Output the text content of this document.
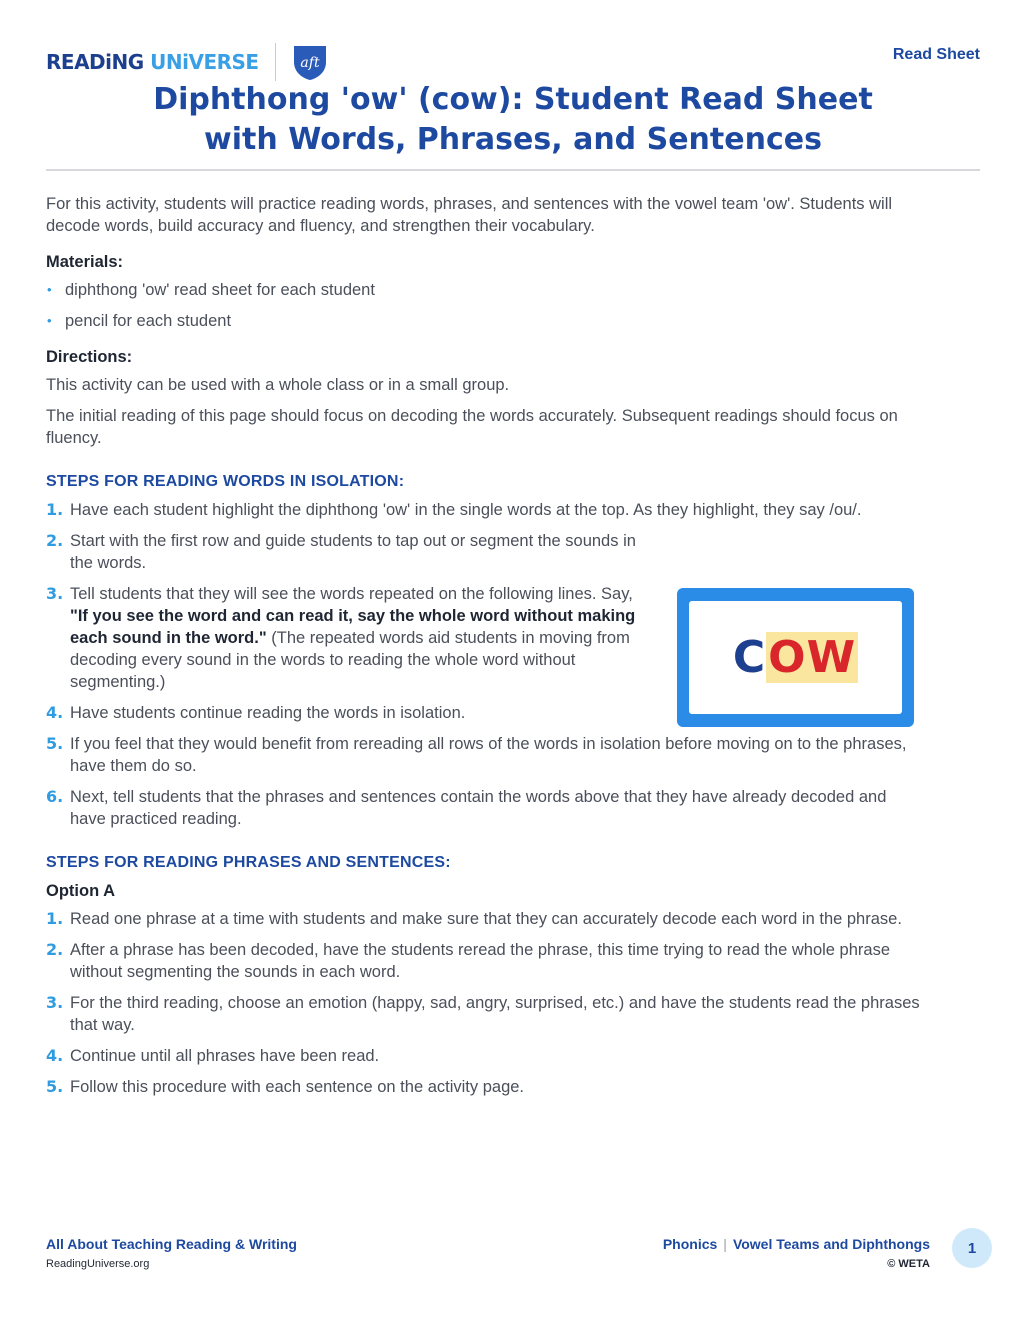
READiNG UNiVERSE	aft	Read Sheet
Diphthong 'ow' (cow): Student Read Sheet
with Words, Phrases, and Sentences

For this activity, students will practice reading words, phrases, and sentences with the vowel team 'ow'. Students will decode words, build accuracy and fluency, and strengthen their vocabulary.

Materials:

• diphthong 'ow' read sheet for each student
• pencil for each student

Directions:

This activity can be used with a whole class or in a small group.

The initial reading of this page should focus on decoding the words accurately. Subsequent readings should focus on fluency.

STEPS FOR READING WORDS IN ISOLATION:
1. Have each student highlight the diphthong 'ow' in the single words at the top. As they highlight, they say /ou/.
2. Start with the first row and guide students to tap out or segment the sounds in the words.
3. Tell students that they will see the words repeated on the following lines. Say, "If you see the word and can read it, say the whole word without making each sound in the word." (The repeated words aid students in moving from decoding every sound in the words to reading the whole word without segmenting.)
4. Have students continue reading the words in isolation.
5. If you feel that they would benefit from rereading all rows of the words in isolation before moving on to the phrases, have them do so.
6. Next, tell students that the phrases and sentences contain the words above that they have already decoded and have practiced reading.
STEPS FOR READING PHRASES AND SENTENCES:

Option A

1. Read one phrase at a time with students and make sure that they can accurately decode each word in the phrase.
2. After a phrase has been decoded, have the students reread the phrase, this time trying to read the whole phrase without segmenting the sounds in each word.
3. For the third reading, choose an emotion (happy, sad, angry, surprised, etc.) and have the students read the phrases that way.
4. Continue until all phrases have been read.
5. Follow this procedure with each sentence on the activity page.
COW
All About Teaching Reading & Writing
ReadingUniverse.org
Phonics | Vowel Teams and Diphthongs
© WETA
1
